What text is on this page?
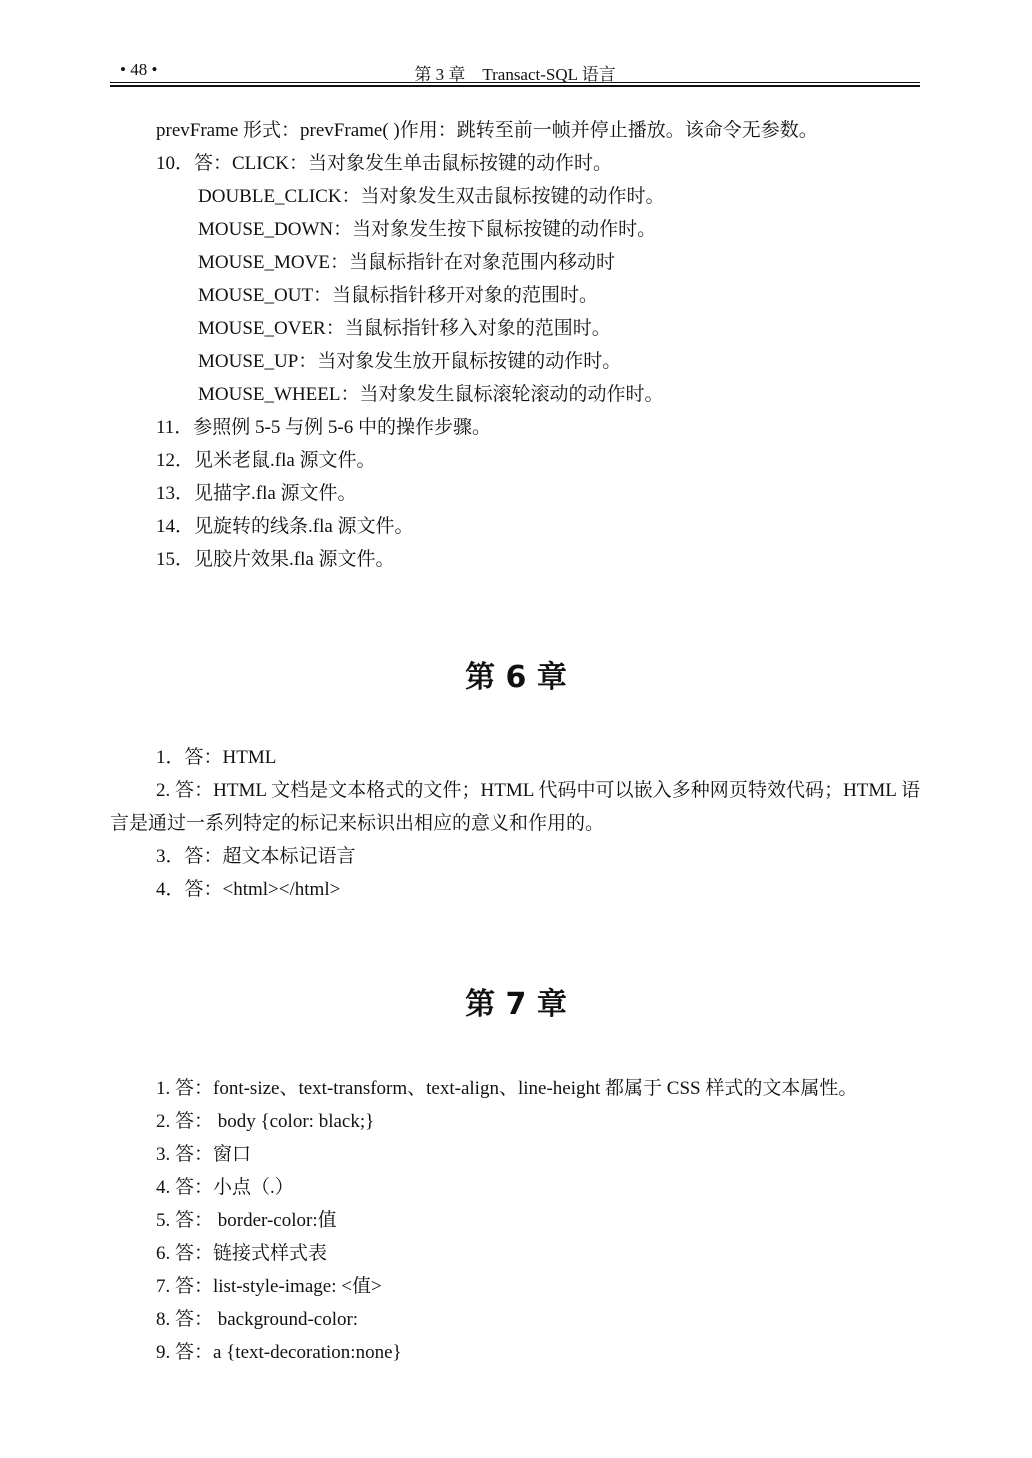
• 48 •	第 3 章　Transact-SQL 语言
prevFrame 形式：prevFrame( )作用：跳转至前一帧并停止播放。该命令无参数。
10．答：CLICK：当对象发生单击鼠标按键的动作时。
DOUBLE_CLICK：当对象发生双击鼠标按键的动作时。
MOUSE_DOWN：当对象发生按下鼠标按键的动作时。
MOUSE_MOVE：当鼠标指针在对象范围内移动时
MOUSE_OUT：当鼠标指针移开对象的范围时。
MOUSE_OVER：当鼠标指针移入对象的范围时。
MOUSE_UP：当对象发生放开鼠标按键的动作时。
MOUSE_WHEEL：当对象发生鼠标滚轮滚动的动作时。
11．参照例 5-5 与例 5-6 中的操作步骤。
12．见米老鼠.fla 源文件。
13．见描字.fla 源文件。
14．见旋转的线条.fla 源文件。
15．见胶片效果.fla 源文件。
第 6 章
1．答：HTML
2. 答：HTML 文档是文本格式的文件；HTML 代码中可以嵌入多种网页特效代码；HTML 语言是通过一系列特定的标记来标识出相应的意义和作用的。
3．答：超文本标记语言
4．答：<html></html>
第 7 章
1. 答：font-size、text-transform、text-align、line-height 都属于 CSS 样式的文本属性。
2. 答： body {color: black;}
3. 答：窗口
4. 答：小点（.）
5. 答： border-color:值
6. 答：链接式样式表
7. 答：list-style-image: <值>
8. 答： background-color:
9. 答：a {text-decoration:none}
